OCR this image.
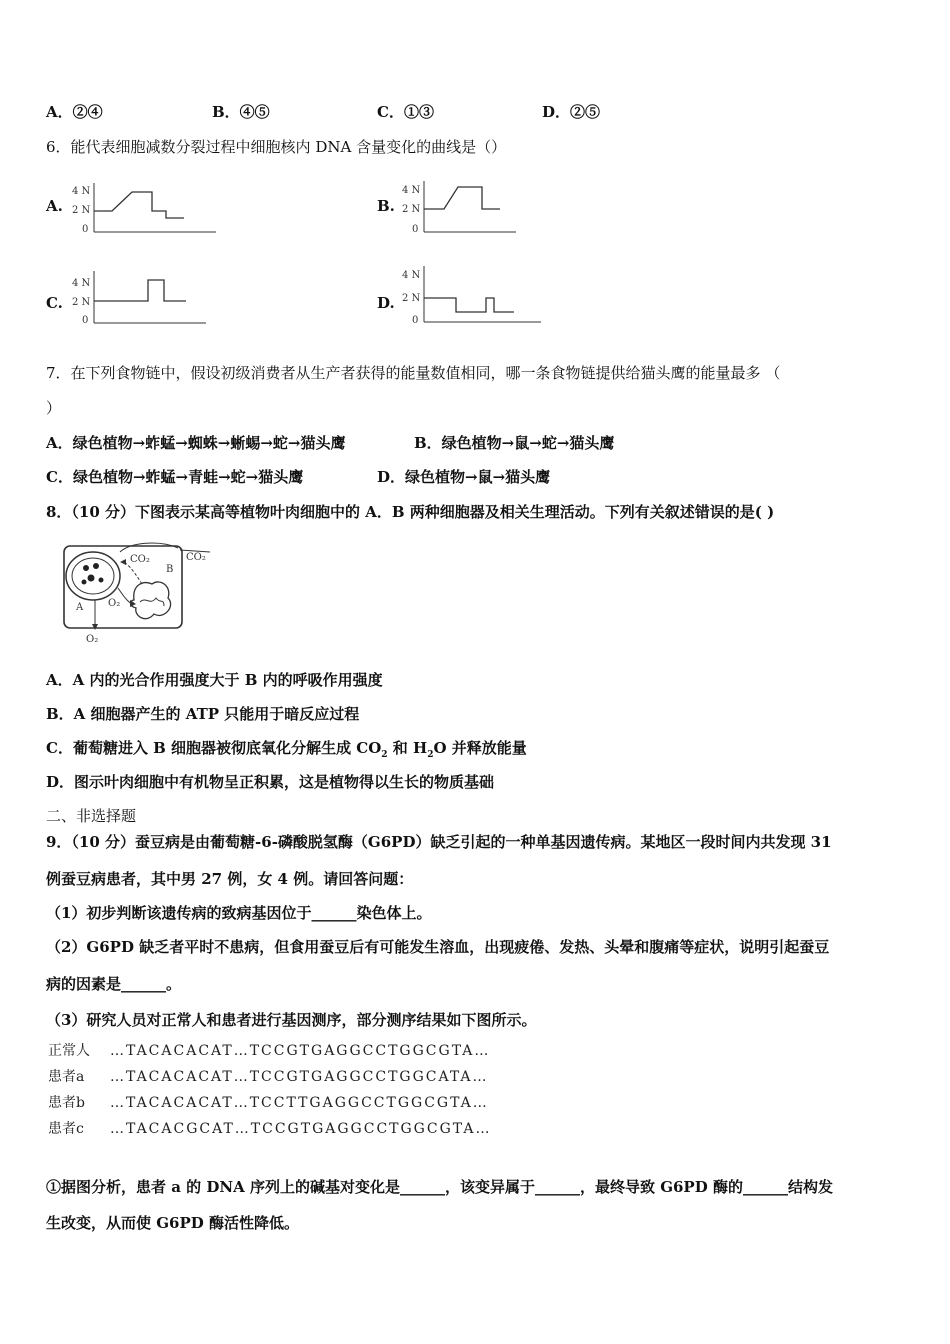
A．②④	B．④⑤	C．①③	D．②⑤
6．能代表细胞减数分裂过程中细胞核内 DNA 含量变化的曲线是（）
A.
4 N
2 N
0
B.
4 N
2 N
0
C.
4 N
2 N
0
D.
4 N
2 N
0
7．在下列食物链中，假设初级消费者从生产者获得的能量数值相同，哪一条食物链提供给猫头鹰的能量最多 （
）
A．绿色植物→蚱蜢→蜘蛛→蜥蜴→蛇→猫头鹰	B．绿色植物→鼠→蛇→猫头鹰
C．绿色植物→蚱蜢→青蛙→蛇→猫头鹰	D．绿色植物→鼠→猫头鹰
8．（10 分）下图表示某高等植物叶肉细胞中的 A．B 两种细胞器及相关生理活动。下列有关叙述错误的是( )
CO₂	CO₂
B
A O₂
O₂
A．A 内的光合作用强度大于 B 内的呼吸作用强度
B．A 细胞器产生的 ATP 只能用于暗反应过程
C．葡萄糖进入 B 细胞器被彻底氧化分解生成 $CO_2$ 和 $H_2O$ 并释放能量
D．图示叶肉细胞中有机物呈正积累，这是植物得以生长的物质基础
二、非选择题
9．（10 分）蚕豆病是由葡萄糖-6-磷酸脱氢酶（G6PD）缺乏引起的一种单基因遗传病。某地区一段时间内共发现 31
例蚕豆病患者，其中男 27 例，女 4 例。请回答问题：
（1）初步判断该遗传病的致病基因位于______染色体上。
（2）G6PD 缺乏者平时不患病，但食用蚕豆后有可能发生溶血，出现疲倦、发热、头晕和腹痛等症状，说明引起蚕豆
病的因素是______。
（3）研究人员对正常人和患者进行基因测序，部分测序结果如下图所示。
正常人 …TACACACAT…TCCGTGAGGCCTGGCGTA…
患者a …TACACACAT…TCCGTGAGGCCTGGCATA…
患者b …TACACACAT…TCCTTGAGGCCTGGCGTA…
患者c …TACACGCAT…TCCGTGAGGCCTGGCGTA…
①据图分析，患者 a 的 DNA 序列上的碱基对变化是______，该变异属于______，最终导致 G6PD 酶的______结构发
生改变，从而使 G6PD 酶活性降低。
